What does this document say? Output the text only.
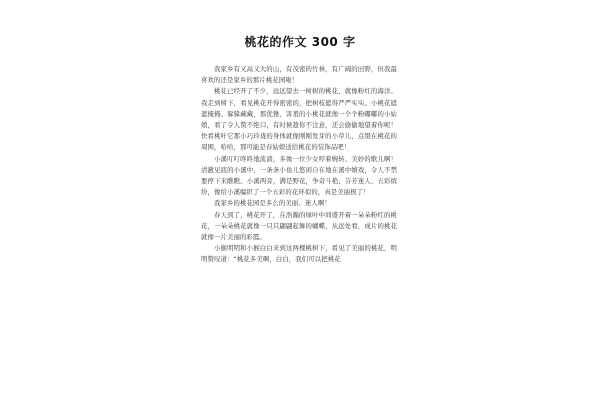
桃花的作文 300 字

我家乡有又高又大的山，有茂密的竹林，有广阔的田野，但我最喜欢的还是家乡的那片桃花园啦！

桃花已经开了不少，远远望去一树树的桃花，就像粉红的海洋。我走到树下，看见桃花开得密密的，把树枝遮得严严实实。小桃花遮遮掩掩、躲躲藏藏，那优雅、害羞的小桃花就像一个个粉嘟嘟的小姑娘，看了令人赞不绝口，有时候趁你不注意，还会偷偷地望着你呢！快看桃叶它那小巧玲珑的身体就像刚刚发芽的小草儿，点缀在桃花的周围，哈哈，那可能是春姑娘送给桃花的装饰品吧！

小溪叮叮咚咚地流淌，多像一位少女哼着婉转、美妙的歌儿啊！清澈见底的小溪中，一条条小鱼儿悠闲自在地在溪中嬉戏，令人不禁要停下来瞧瞧。小溪两旁，满是野花，争奇斗艳、芬芳迷人、五彩缤纷，像给小溪编织了一个五彩的花环似的，真是美丽极了！

我家乡的桃花园是多么的美丽、迷人啊！

春天到了，桃花开了，在浩瀚的绿叶中间盛开着一朵朵粉红的桃花，一朵朵桃花就像一只只翩翩起舞的蝴蝶，从远处看，成片的桃花就像一片美丽的彩霞。

小猴明明和小猴白白来到这两棵桃树下，看见了美丽的桃花，明明赞叹道：“桃花多美啊，白白，我们可以把桃花
